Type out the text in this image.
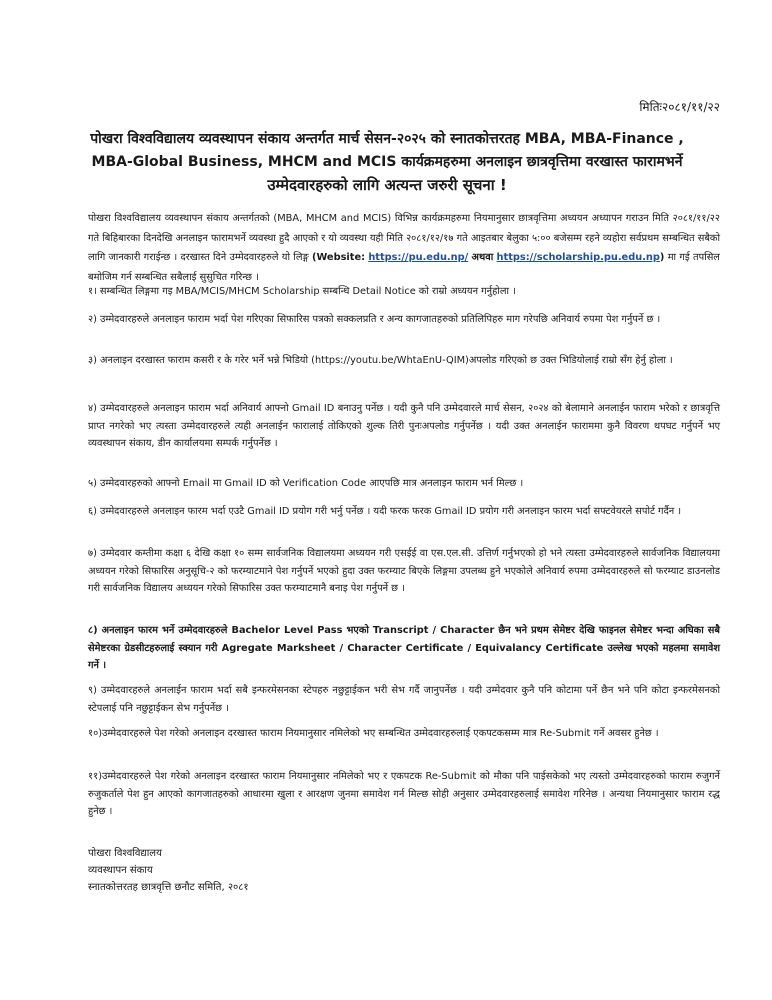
मितिः२०८१/११/२२
पोखरा विश्वविद्यालय व्यवस्थापन संकाय अन्तर्गत मार्च सेसन-२०२५ को स्नातकोत्तरतह MBA, MBA-Finance ,
MBA-Global Business, MHCM and MCIS कार्यक्रमहरुमा अनलाइन छात्रवृत्तिमा वरखास्त फारामभर्ने
उम्मेदवारहरुको लागि अत्यन्त जरुरी सूचना !
पोखरा विश्वविद्यालय व्यवस्थापन संकाय अन्तर्गतको (MBA, MHCM and MCIS) विभिन्न कार्यक्रमहरुमा नियमानुसार छात्रवृत्तिमा अध्ययन अध्यापन गराउन मिति २०८१/११/२२ गते बिहिबारका दिनदेखि अनलाइन फारामभर्ने व्यवस्था हुदै आएको र यो व्यवस्था यही मिति २०८१/१२/१७ गते आइतबार बेलुका ५:०० बजेसम्म रहने व्यहोरा सर्वप्रथम सम्बन्धित सबैको लागि जानकारी गराईन्छ । दरखास्त दिने उम्मेदवारहरुले यो लिङ्ग (Website: https://pu.edu.np/ अथवा https://scholarship.pu.edu.np) मा गई तपसिल बमोजिम गर्न सम्बन्धित सबैलाई सुसुचित गरिन्छ ।
१। सम्बन्धित लिङ्गमा गइ MBA/MCIS/MHCM Scholarship सम्बन्धि Detail Notice को राम्रो अध्ययन गर्नुहोला ।
२) उम्मेदवारहरुले अनलाइन फाराम भर्दा पेश गरिएका सिफारिस पत्रको सक्कलप्रति र अन्य कागजातहरुको प्रतिलिपिहरु माग गरेपछि अनिवार्य रुपमा पेश गर्नुपर्ने छ ।
३) अनलाइन दरखास्त फाराम कसरी र के गरेर भर्ने भन्ने भिडियो (https://youtu.be/WhtaEnU-QIM)अपलोड गरिएको छ उक्त भिडियोलाई राम्रो सँग हेर्नु होला ।
४) उम्मेदवारहरुले अनलाइन फाराम भर्दा अनिवार्य आफ्नो Gmail ID बनाउनु पर्नेछ । यदी कुनै पनि उम्मेदवारले मार्च सेसन, २०२४ को बेलामाने अनलाईन फाराम भरेको र छात्रवृत्ति प्राप्त नगरेको भए त्यस्ता उम्मेदवारहरुले त्यही अनलाईन फारालाई तोकिएको शुल्क तिरी पुनःअपलोड गर्नुपर्नेछ । यदी उक्त अनलाईन फाराममा कुनै विवरण थपघट गर्नुपर्ने भए व्यवस्थापन संकाय, डीन कार्यालयमा सम्पर्क गर्नुपर्नेछ ।
५) उम्मेदवारहरुको आफ्नो Email मा Gmail ID को Verification Code आएपछि मात्र अनलाइन फाराम भर्न मिल्छ ।
६) उम्मेदवारहरुले अनलाइन फारम भर्दा एउटै Gmail ID प्रयोग गरी भर्नु पर्नेछ । यदी फरक फरक Gmail ID प्रयोग गरी अनलाइन फारम भर्दा सफ्टवेयरले सपोर्ट गर्दैन ।
७) उम्मेदवार कम्तीमा कक्षा ६ देखि कक्षा १० सम्म सार्वजनिक विद्यालयमा अध्ययन गरी एसईई वा एस.एल.सी. उत्तिर्ण गर्नुभएको हो भने त्यस्ता उम्मेदवारहरुले सार्वजनिक विद्यालयमा अध्ययन गरेको सिफारिस अनुसूचि-२ को फरम्याटमाने पेश गर्नुपर्ने भएको हुदा उक्त फरम्याट बिएके लिङ्गमा उपलब्ध हुने भएकोले अनिवार्य रुपमा उम्मेदवारहरुले सो फरम्याट डाउनलोड गरी सार्वजनिक विद्यालय अध्ययन गरेको सिफारिस उक्त फरम्याटमानै बनाइ पेश गर्नुपर्ने छ ।
८) अनलाइन फारम भर्ने उम्मेदवारहरुले Bachelor Level Pass भएको Transcript / Character छैन भने प्रथम सेमेष्टर देखि फाइनल सेमेष्टर भन्दा अघिका सबै सेमेष्टरका ग्रेडसीटहरुलाई स्क्यान गरी Agregate Marksheet / Character Certificate / Equivalancy Certificate उल्लेख भएको महलमा समावेश गर्ने ।
९) उम्मेदवारहरुले अनलाईन फाराम भर्दा सबै इन्फरमेसनका स्टेपहरु नछुट्टाईकन भरी सेभ गर्दै जानुपर्नेछ । यदी उम्मेदवार कुनै पनि कोटामा पर्ने छैन भने पनि कोटा इन्फरमेसनको स्टेपलाई पनि नछुट्टाईकन सेभ गर्नुपर्नेछ ।
१०)उम्मेदवारहरुले पेश गरेको अनलाइन दरखास्त फाराम नियमानुसार नमिलेको भए सम्बन्धित उम्मेदवारहरुलाई एकपटकसम्म मात्र Re-Submit गर्ने अवसर हुनेछ ।
११)उम्मेदवारहरुले पेश गरेको अनलाइन दरखास्त फाराम नियमानुसार नमिलेको भए र एकपटक Re-Submit को मौका पनि पाईसकेको भए त्यस्तो उम्मेदवारहरुको फाराम रुजुगर्ने रुजुकर्ताले पेश हुन आएको कागजातहरुको आधारमा खुला र आरक्षण जुनमा समावेश गर्न मिल्छ सोही अनुसार उम्मेदवारहरुलाई समावेश गरिनेछ । अन्यथा नियमानुसार फाराम रद्ध हुनेछ ।
पोखरा विश्वविद्यालय
व्यवस्थापन संकाय
स्नातकोत्तरतह छात्रवृत्ति छनौट समिति, २०८१
